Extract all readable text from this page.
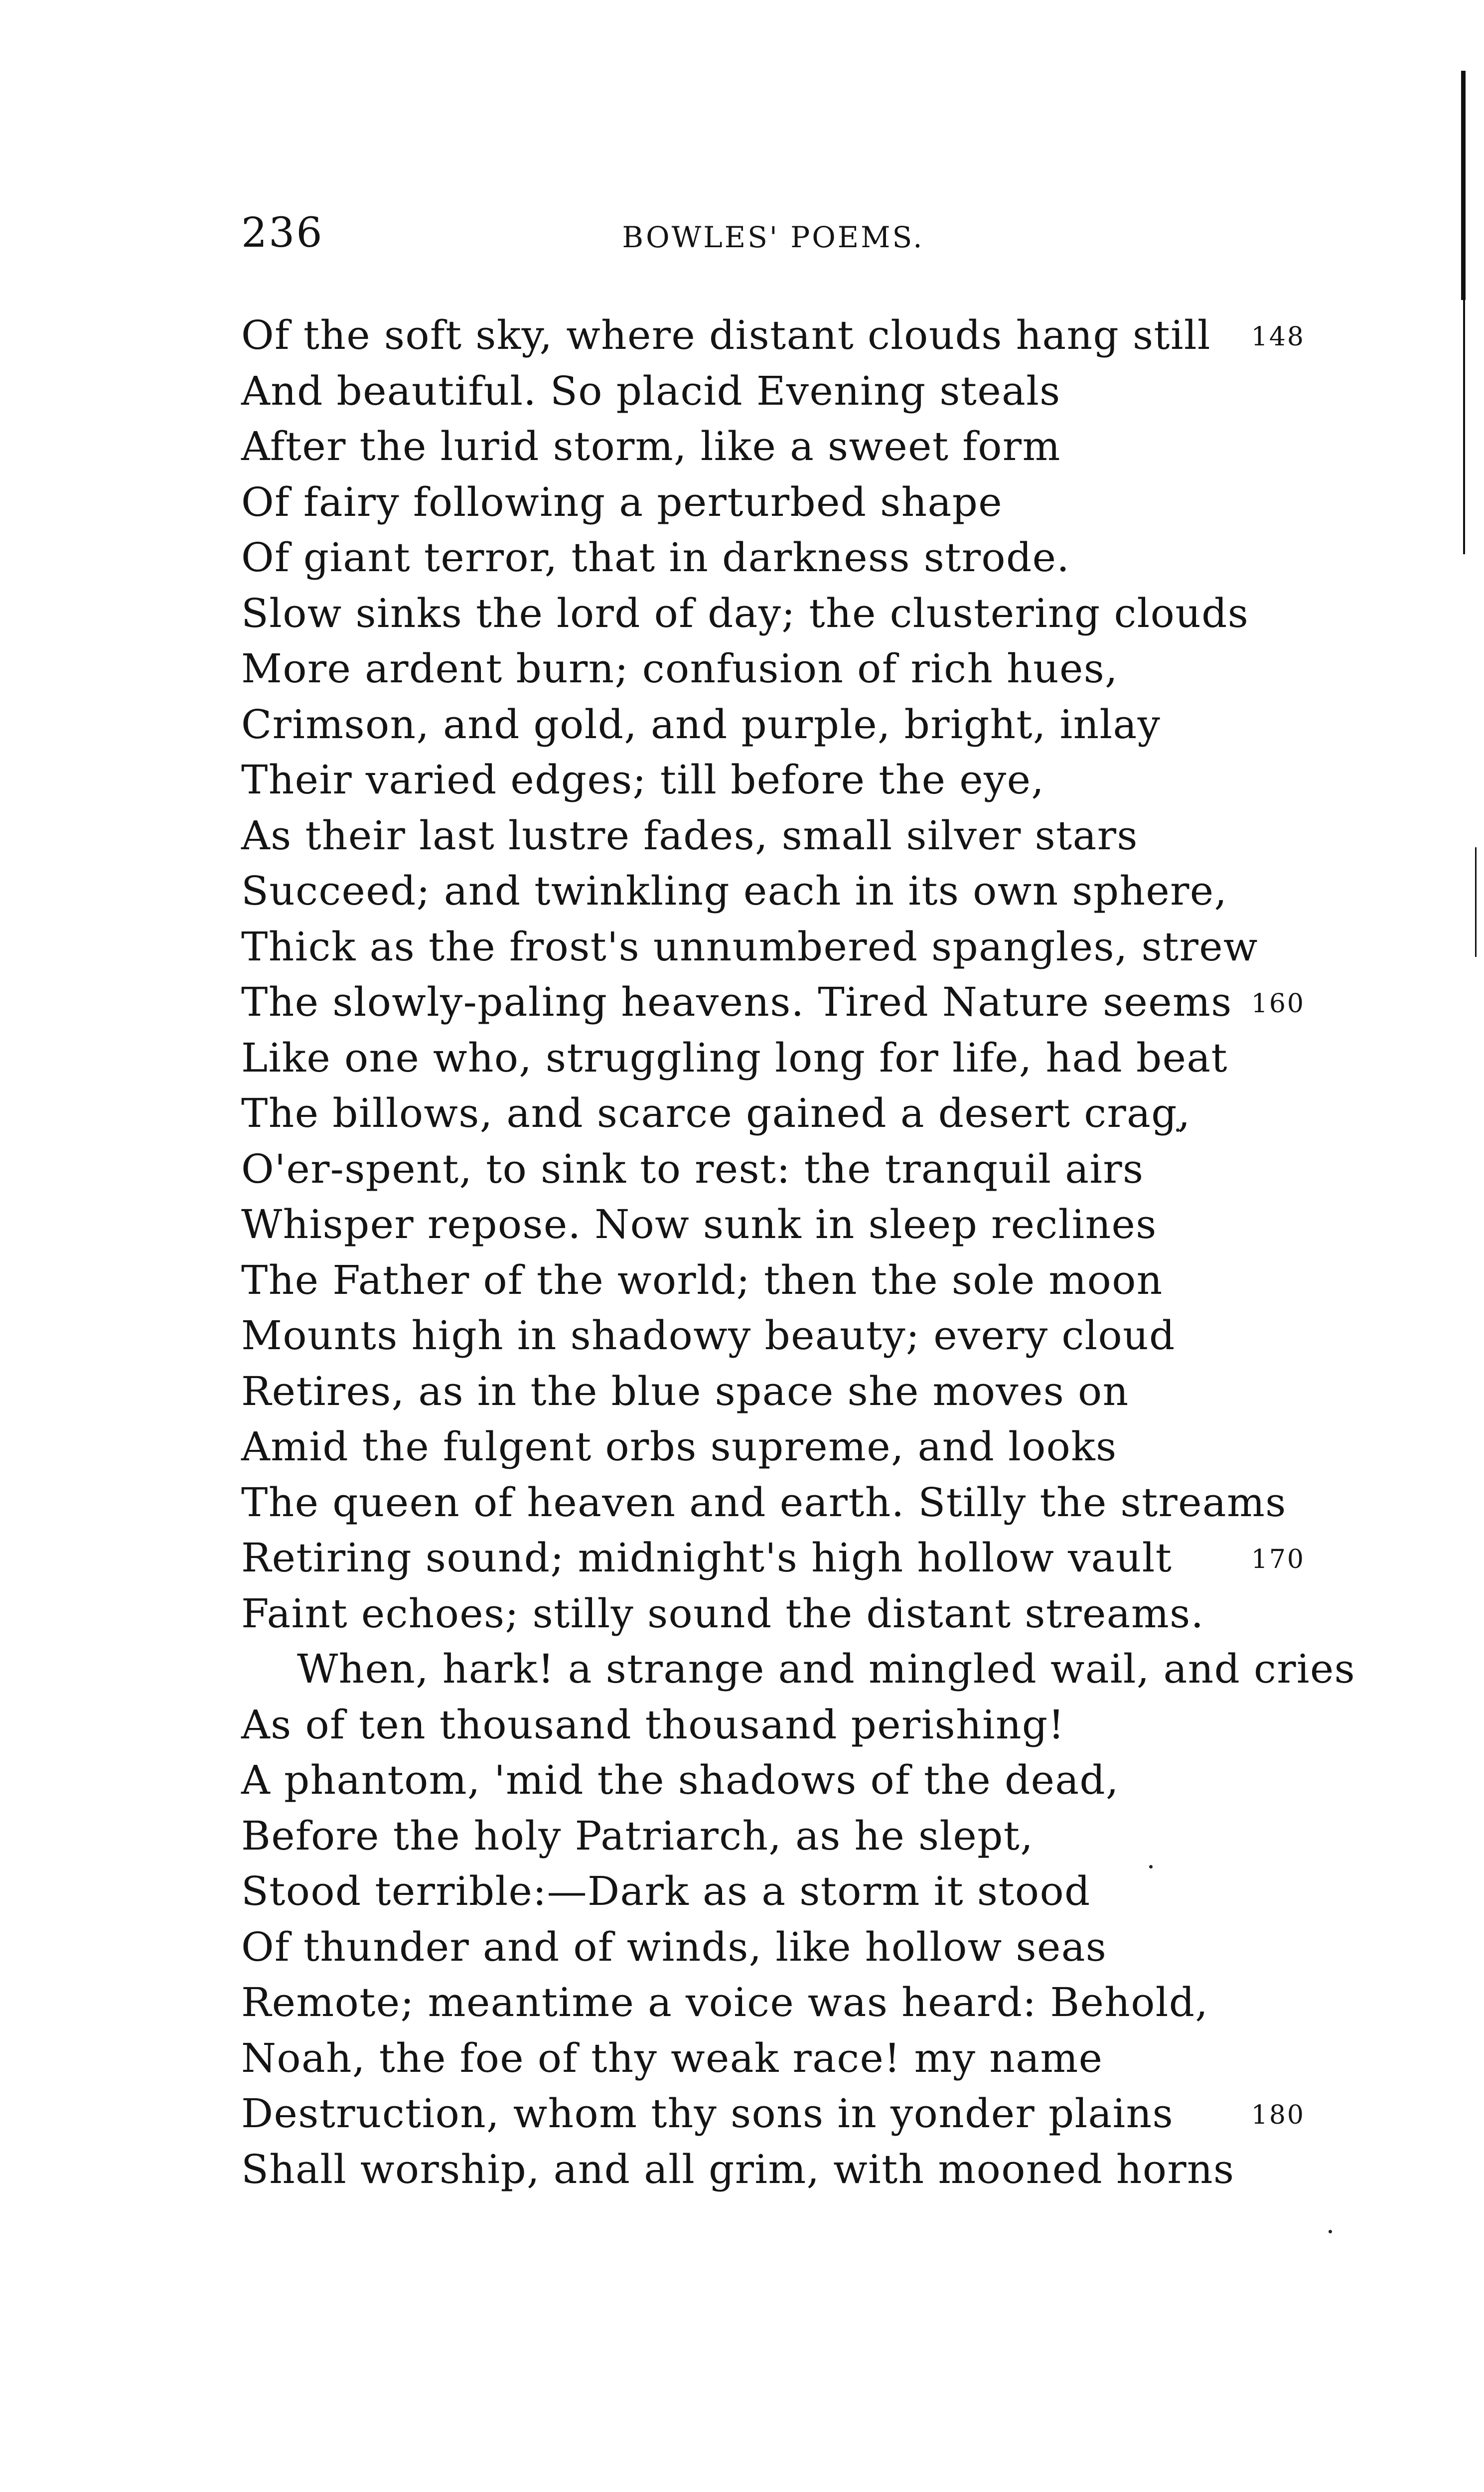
236	BOWLES' POEMS.
Of the soft sky, where distant clouds hang still 148
And beautiful. So placid Evening steals
After the lurid storm, like a sweet form
Of fairy following a perturbed shape
Of giant terror, that in darkness strode.
Slow sinks the lord of day; the clustering clouds
More ardent burn; confusion of rich hues,
Crimson, and gold, and purple, bright, inlay
Their varied edges; till before the eye,
As their last lustre fades, small silver stars
Succeed; and twinkling each in its own sphere,
Thick as the frost's unnumbered spangles, strew
The slowly-paling heavens. Tired Nature seems 160
Like one who, struggling long for life, had beat
The billows, and scarce gained a desert crag,
O'er-spent, to sink to rest: the tranquil airs
Whisper repose. Now sunk in sleep reclines
The Father of the world; then the sole moon
Mounts high in shadowy beauty; every cloud
Retires, as in the blue space she moves on
Amid the fulgent orbs supreme, and looks
The queen of heaven and earth. Stilly the streams
Retiring sound; midnight's high hollow vault	170
Faint echoes; stilly sound the distant streams.
When, hark! a strange and mingled wail, and cries
As of ten thousand thousand perishing!
A phantom, 'mid the shadows of the dead,
Before the holy Patriarch, as he slept,
Stood terrible:—Dark as a storm it stood
Of thunder and of winds, like hollow seas
Remote; meantime a voice was heard: Behold,
Noah, the foe of thy weak race! my name
Destruction, whom thy sons in yonder plains	180
Shall worship, and all grim, with mooned horns
